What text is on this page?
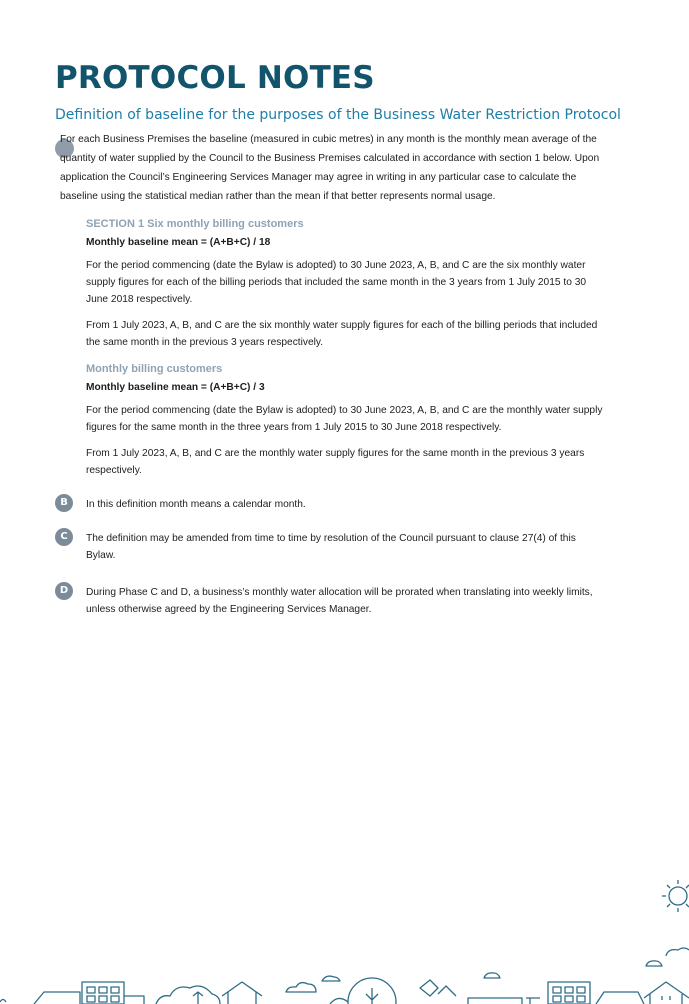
PROTOCOL NOTES

Definition of baseline for the purposes of the Business Water Restriction Protocol

For each Business Premises the baseline (measured in cubic metres) in any month is the monthly mean average of the quantity of water supplied by the Council to the Business Premises calculated in accordance with section 1 below. Upon application the Council’s Engineering Services Manager may agree in writing in any particular case to calculate the baseline using the statistical median rather than the mean if that better represents normal usage.

SECTION 1 Six monthly billing customers

Monthly baseline mean = (A+B+C) / 18

For the period commencing (date the Bylaw is adopted) to 30 June 2023, A, B, and C are the six monthly water supply figures for each of the billing periods that included the same month in the 3 years from 1 July 2015 to 30 June 2018 respectively.

From 1 July 2023, A, B, and C are the six monthly water supply figures for each of the billing periods that included the same month in the previous 3 years respectively.

Monthly billing customers

Monthly baseline mean = (A+B+C) / 3

For the period commencing (date the Bylaw is adopted) to 30 June 2023, A, B, and C are the monthly water supply figures for the same month in the three years from 1 July 2015 to 30 June 2018 respectively.

From 1 July 2023, A, B, and C are the monthly water supply figures for the same month in the previous 3 years respectively.

B	In this definition month means a calendar month.

C	The definition may be amended from time to time by resolution of the Council pursuant to clause 27(4) of this Bylaw.

D	During Phase C and D, a business’s monthly water allocation will be prorated when translating into weekly limits, unless otherwise agreed by the Engineering Services Manager.
